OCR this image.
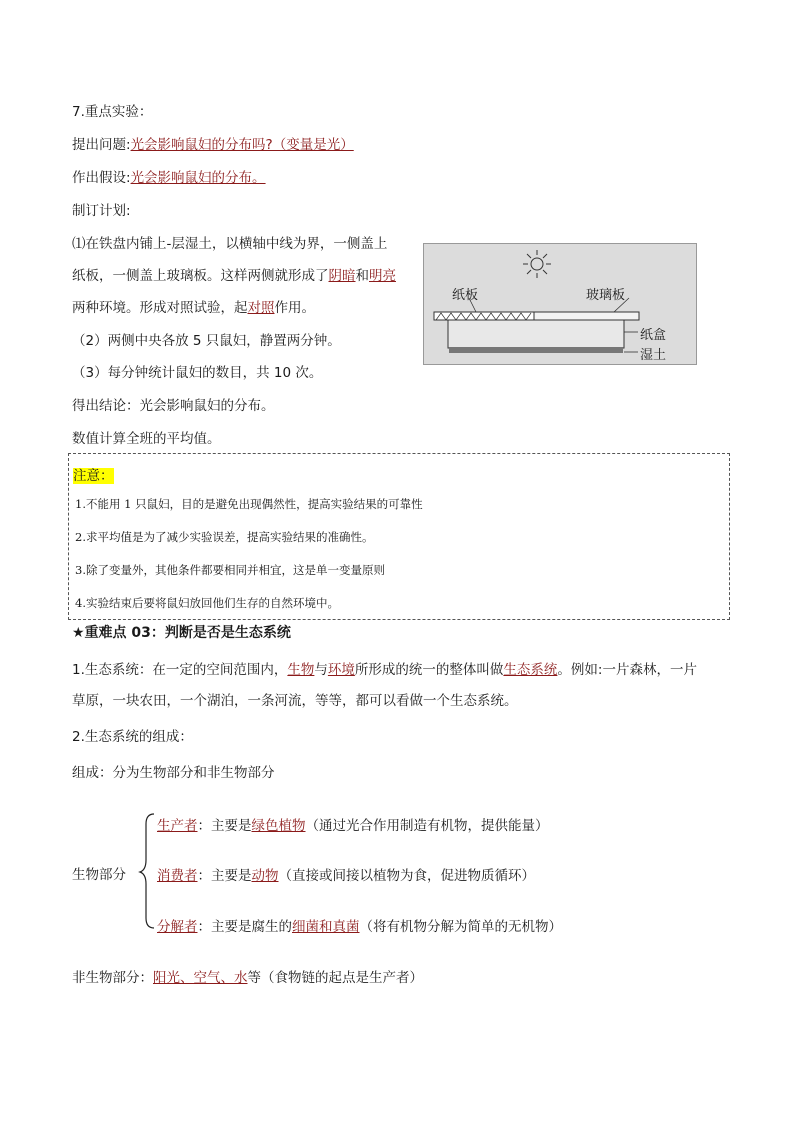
7.重点实验：
提出问题:光会影响鼠妇的分布吗?（变量是光）
作出假设:光会影响鼠妇的分布。
制订计划:
⑴在铁盘内铺上-层湿土，以横轴中线为界，一侧盖上
纸板，一侧盖上玻璃板。这样两侧就形成了阴暗和明亮
两种环境。形成对照试验，起对照作用。
（2）两侧中央各放 5 只鼠妇，静置两分钟。
（3）每分钟统计鼠妇的数目，共 10 次。
得出结论：光会影响鼠妇的分布。
数值计算全班的平均值。
纸板	玻璃板
纸盒
湿土
注意：
1.不能用 1 只鼠妇，目的是避免出现偶然性，提高实验结果的可靠性
2.求平均值是为了减少实验误差，提高实验结果的准确性。
3.除了变量外，其他条件都要相同并相宜，这是单一变量原则
4.实验结束后要将鼠妇放回他们生存的自然环境中。
★重难点 03：判断是否是生态系统
1.生态系统：在一定的空间范围内，生物与环境所形成的统一的整体叫做生态系统。例如:一片森林，一片
草原，一块农田，一个湖泊，一条河流，等等，都可以看做一个生态系统。
2.生态系统的组成：
组成：分为生物部分和非生物部分
生物部分
生产者：主要是绿色植物（通过光合作用制造有机物，提供能量）
消费者：主要是动物（直接或间接以植物为食，促进物质循环）
分解者：主要是腐生的细菌和真菌（将有机物分解为简单的无机物）
非生物部分：阳光、空气、水等（食物链的起点是生产者）
